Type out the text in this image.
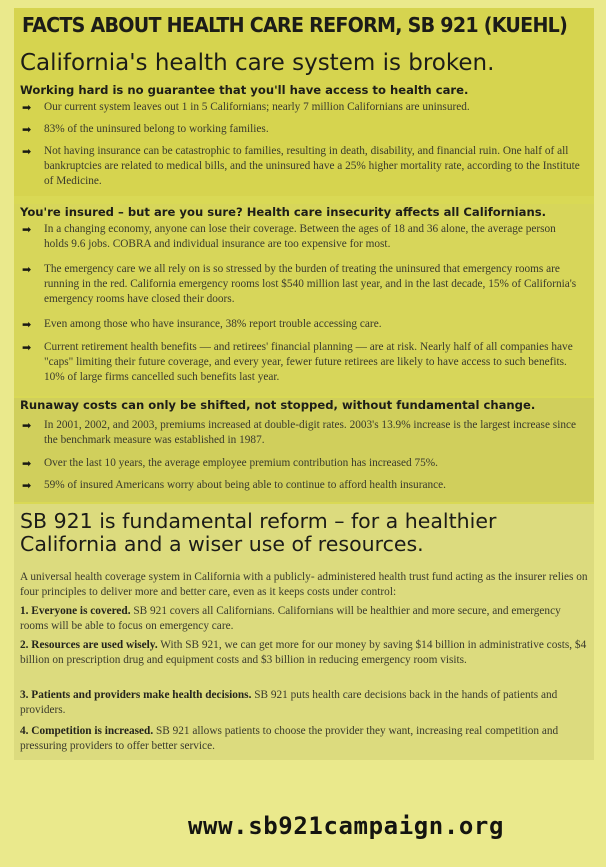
FACTS ABOUT HEALTH CARE REFORM, SB 921 (KUEHL)
California's health care system is broken.
Working hard is no guarantee that you'll have access to health care.
➡ Our current system leaves out 1 in 5 Californians; nearly 7 million Californians are uninsured.
➡ 83% of the uninsured belong to working families.
➡ Not having insurance can be catastrophic to families, resulting in death, disability, and financial ruin. One half of all bankruptcies are related to medical bills, and the uninsured have a 25% higher mortality rate, according to the Institute of Medicine.
You're insured – but are you sure? Health care insecurity affects all Californians.
➡ In a changing economy, anyone can lose their coverage. Between the ages of 18 and 36 alone, the average person holds 9.6 jobs. COBRA and individual insurance are too expensive for most.
➡ The emergency care we all rely on is so stressed by the burden of treating the uninsured that emergency rooms are running in the red. California emergency rooms lost $540 million last year, and in the last decade, 15% of California's emergency rooms have closed their doors.
➡ Even among those who have insurance, 38% report trouble accessing care.
➡ Current retirement health benefits — and retirees' financial planning — are at risk. Nearly half of all companies have "caps" limiting their future coverage, and every year, fewer future retirees are likely to have access to such benefits. 10% of large firms cancelled such benefits last year.
Runaway costs can only be shifted, not stopped, without fundamental change.
➡ In 2001, 2002, and 2003, premiums increased at double-digit rates. 2003's 13.9% increase is the largest increase since the benchmark measure was established in 1987.
➡ Over the last 10 years, the average employee premium contribution has increased 75%.
➡ 59% of insured Americans worry about being able to continue to afford health insurance.
SB 921 is fundamental reform – for a healthier California and a wiser use of resources.
A universal health coverage system in California with a publicly- administered health trust fund acting as the insurer relies on four principles to deliver more and better care, even as it keeps costs under control:
1. Everyone is covered. SB 921 covers all Californians. Californians will be healthier and more secure, and emergency rooms will be able to focus on emergency care.
2. Resources are used wisely. With SB 921, we can get more for our money by saving $14 billion in administrative costs, $4 billion on prescription drug and equipment costs and $3 billion in reducing emergency room visits.
3. Patients and providers make health decisions. SB 921 puts health care decisions back in the hands of patients and providers.
4. Competition is increased. SB 921 allows patients to choose the provider they want, increasing real competition and pressuring providers to offer better service.
www.sb921campaign.org
